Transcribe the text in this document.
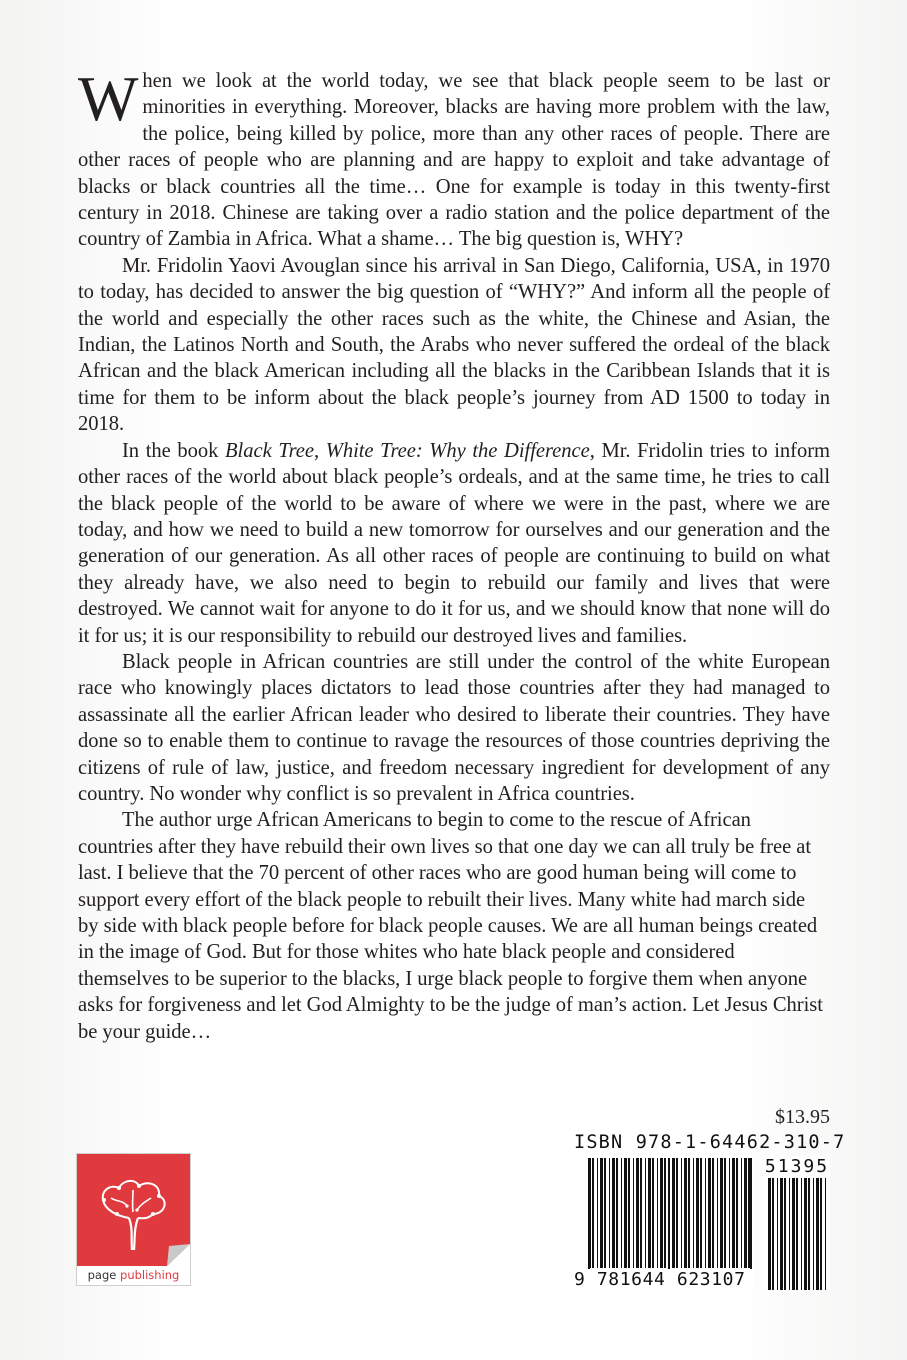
When we look at the world today, we see that black people seem to be last or minorities in everything. Moreover, blacks are having more problem with the law, the police, being killed by police, more than any other races of people. There are other races of people who are planning and are happy to exploit and take advantage of blacks or black countries all the time… One for example is today in this twenty-first century in 2018. Chinese are taking over a radio station and the police department of the country of Zambia in Africa. What a shame… The big question is, WHY?

Mr. Fridolin Yaovi Avouglan since his arrival in San Diego, California, USA, in 1970 to today, has decided to answer the big question of “WHY?” And inform all the people of the world and especially the other races such as the white, the Chinese and Asian, the Indian, the Latinos North and South, the Arabs who never suffered the ordeal of the black African and the black American including all the blacks in the Caribbean Islands that it is time for them to be inform about the black people’s journey from AD 1500 to today in 2018.

In the book Black Tree, White Tree: Why the Difference, Mr. Fridolin tries to inform other races of the world about black people’s ordeals, and at the same time, he tries to call the black people of the world to be aware of where we were in the past, where we are today, and how we need to build a new tomorrow for ourselves and our generation and the generation of our generation. As all other races of people are continuing to build on what they already have, we also need to begin to rebuild our family and lives that were destroyed. We cannot wait for anyone to do it for us, and we should know that none will do it for us; it is our responsibility to rebuild our destroyed lives and families.

Black people in African countries are still under the control of the white European race who knowingly places dictators to lead those countries after they had managed to assassinate all the earlier African leader who desired to liberate their countries. They have done so to enable them to continue to ravage the resources of those countries depriving the citizens of rule of law, justice, and freedom necessary ingredient for development of any country. No wonder why conflict is so prevalent in Africa countries.

The author urge African Americans to begin to come to the rescue of African countries after they have rebuild their own lives so that one day we can all truly be free at last. I believe that the 70 percent of other races who are good human being will come to support every effort of the black people to rebuilt their lives. Many white had march side by side with black people before for black people causes. We are all human beings created in the image of God. But for those whites who hate black people and considered themselves to be superior to the blacks, I urge black people to forgive them when anyone asks for forgiveness and let God Almighty to be the judge of man’s action. Let Jesus Christ be your guide…

$13.95
ISBN 978-1-64462-310-7
9 781644 623107
51395
page publishing
